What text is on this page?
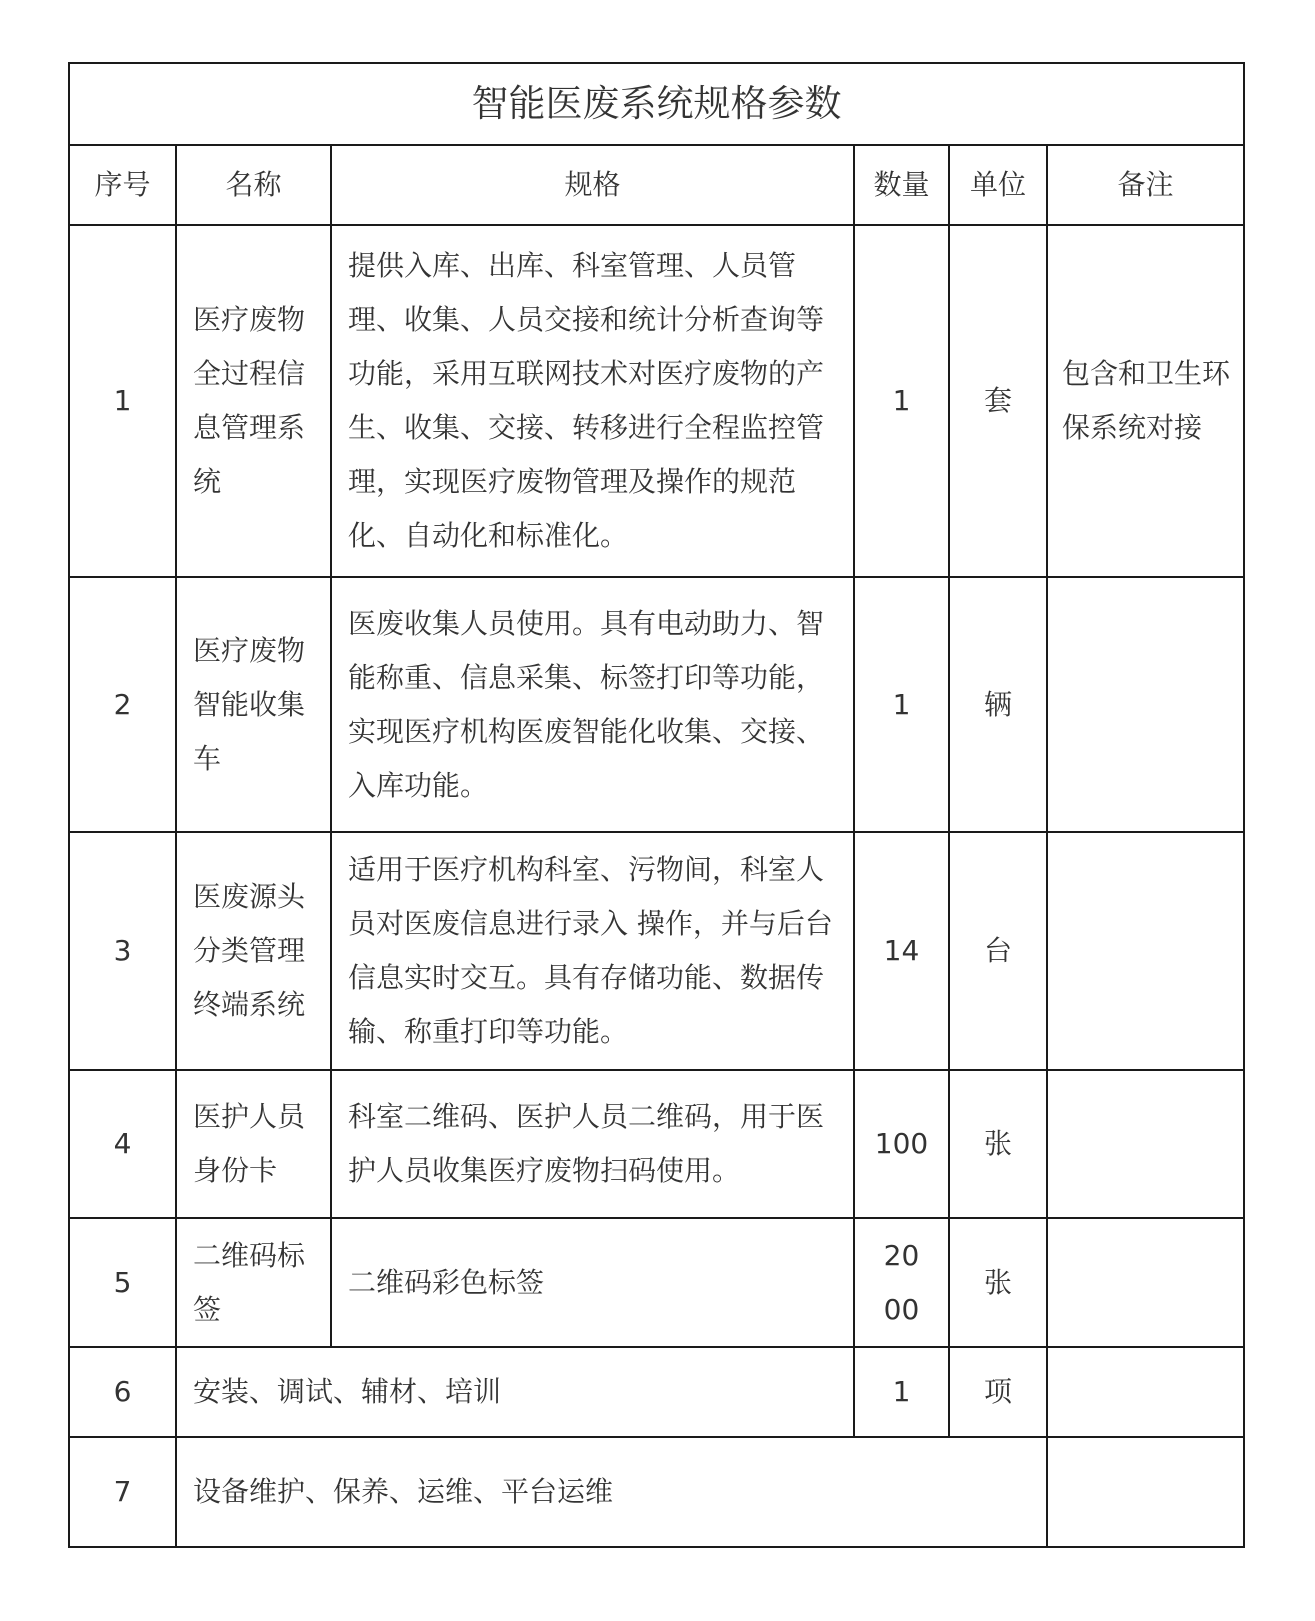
智能医废系统规格参数					
序号	名称	规格	数量	单位	备注
1	医疗废物全过程信息管理系统	提供入库、出库、科室管理、人员管理、收集、人员交接和统计分析查询等功能，采用互联网技术对医疗废物的产生、收集、交接、转移进行全程监控管理，实现医疗废物管理及操作的规范化、自动化和标准化。	1	套	包含和卫生环保系统对接
2	医疗废物智能收集车	医废收集人员使用。具有电动助力、智能称重、信息采集、标签打印等功能，实现医疗机构医废智能化收集、交接、入库功能。	1	辆	
3	医废源头分类管理终端系统	适用于医疗机构科室、污物间，科室人员对医废信息进行录入 操作，并与后台信息实时交互。具有存储功能、数据传输、称重打印等功能。	14	台	
4	医护人员身份卡	科室二维码、医护人员二维码，用于医护人员收集医疗废物扫码使用。	100	张	
5	二维码标签	二维码彩色标签	2000	张	
6	安装、调试、辅材、培训		1	项	
7	设备维护、保养、运维、平台运维				
